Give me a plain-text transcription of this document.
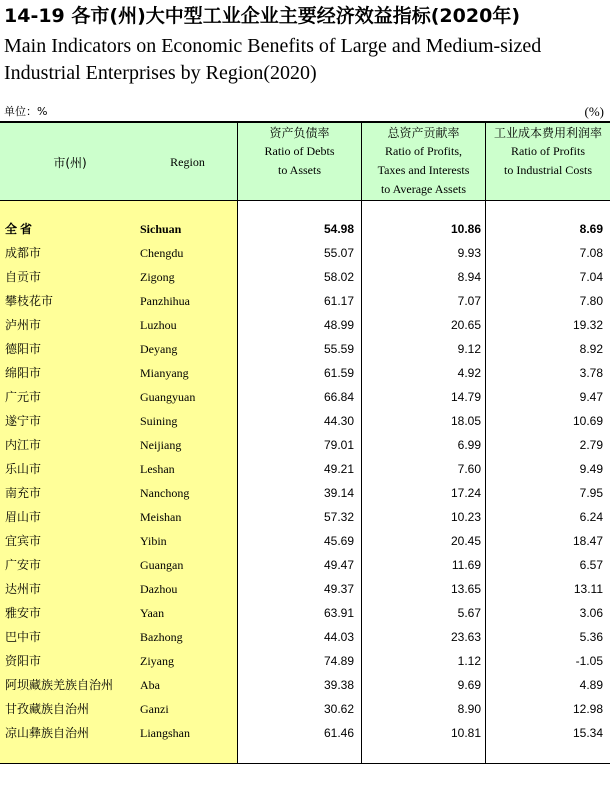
14-19 各市(州)大中型工业企业主要经济效益指标(2020年)
Main Indicators on Economic Benefits of Large and Medium-sized
Industrial Enterprises by Region(2020)
单位：%	(%)
市(州)	Region
资产负债率
Ratio of Debts
to Assets
总资产贡献率
Ratio of Profits,
Taxes and Interests
to Average Assets
工业成本费用利润率
Ratio of Profits
to Industrial Costs
全省	Sichuan	54.98	10.86	8.69
成都市	Chengdu	55.07	9.93	7.08
自贡市	Zigong	58.02	8.94	7.04
攀枝花市	Panzhihua	61.17	7.07	7.80
泸州市	Luzhou	48.99	20.65	19.32
德阳市	Deyang	55.59	9.12	8.92
绵阳市	Mianyang	61.59	4.92	3.78
广元市	Guangyuan	66.84	14.79	9.47
遂宁市	Suining	44.30	18.05	10.69
内江市	Neijiang	79.01	6.99	2.79
乐山市	Leshan	49.21	7.60	9.49
南充市	Nanchong	39.14	17.24	7.95
眉山市	Meishan	57.32	10.23	6.24
宜宾市	Yibin	45.69	20.45	18.47
广安市	Guangan	49.47	11.69	6.57
达州市	Dazhou	49.37	13.65	13.11
雅安市	Yaan	63.91	5.67	3.06
巴中市	Bazhong	44.03	23.63	5.36
资阳市	Ziyang	74.89	1.12	-1.05
阿坝藏族羌族自治州 Aba	39.38	9.69	4.89
甘孜藏族自治州	Ganzi	30.62	8.90	12.98
凉山彝族自治州	Liangshan	61.46	10.81	15.34
